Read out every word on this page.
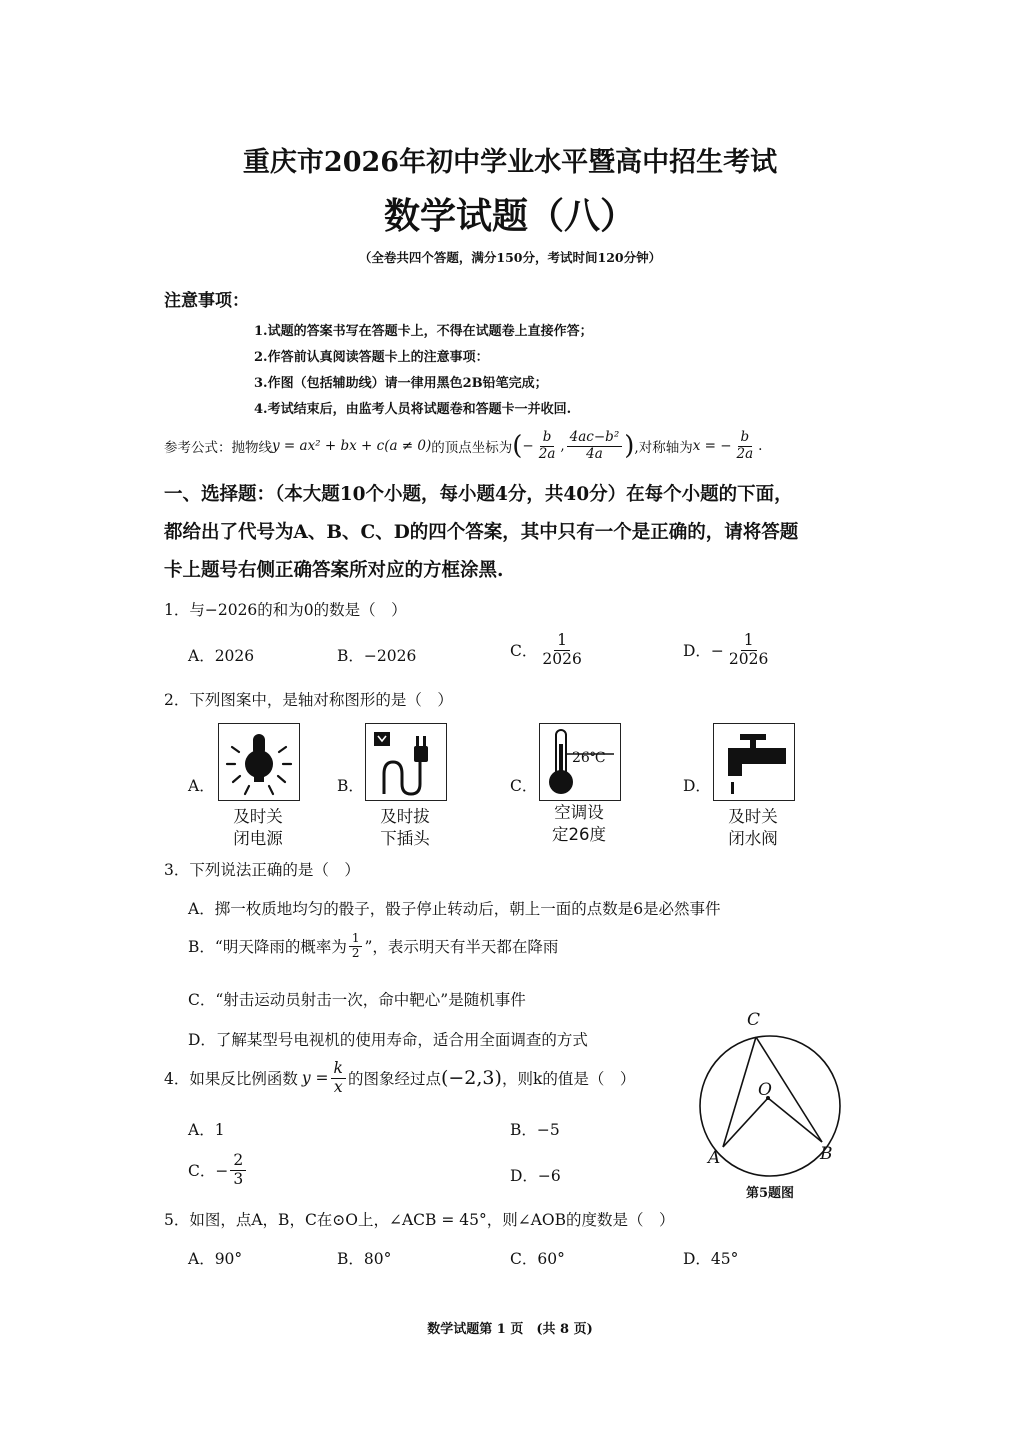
重庆市2026年初中学业水平暨高中招生考试
数学试题（八）
（全卷共四个答题，满分150分，考试时间120分钟）
注意事项：
1.试题的答案书写在答题卡上，不得在试题卷上直接作答；
2.作答前认真阅读答题卡上的注意事项：
3.作图（包括辅助线）请一律用黑色2B铅笔完成；
4.考试结束后，由监考人员将试题卷和答题卡一并收回.
参考公式：抛物线 y = ax² + bx + c(a ≠ 0) 的顶点坐标为 ( − $\frac{b}{2a}$ , $\frac{\text{4ac−b²}}{4a}$ ) ,对称轴为 x = − $\frac{b}{2a}$ .
一、选择题：（本大题10个小题，每小题4分，共40分）在每个小题的下面，
都给出了代号为A、B、C、D的四个答案，其中只有一个是正确的，请将答题
卡上题号右侧正确答案所对应的方框涂黑.
1．与−2026的和为0的数是（　）
A．2026	B．−2026	C． $\frac{1}{2026}$	D．− $\frac{1}{2026}$
2．下列图案中，是轴对称图形的是（　）
A．
及时关
闭电源
B．
及时拔
下插头
C．
26℃
空调设
定26度
D．
及时关
闭水阀
3．下列说法正确的是（　）
A．掷一枚质地均匀的骰子，骰子停止转动后，朝上一面的点数是6是必然事件
B．“明天降雨的概率为 $\frac{1}{2}$ ”，表示明天有半天都在降雨
C．“射击运动员射击一次，命中靶心”是随机事件
D．了解某型号电视机的使用寿命，适合用全面调查的方式
4．如果反比例函数 $y = \frac{k}{x}$ 的图象经过点 (−2,3) ，则k的值是（　）
A．1	B．−5
C．− $\frac{2}{3}$	D．−6
C
O
A	B
第5题图
5．如图，点A，B，C在⊙O上，∠ACB = 45°，则∠AOB的度数是（　）
A．90°	B．80°	C．60°	D．45°
数学试题第 1 页　(共 8 页)
